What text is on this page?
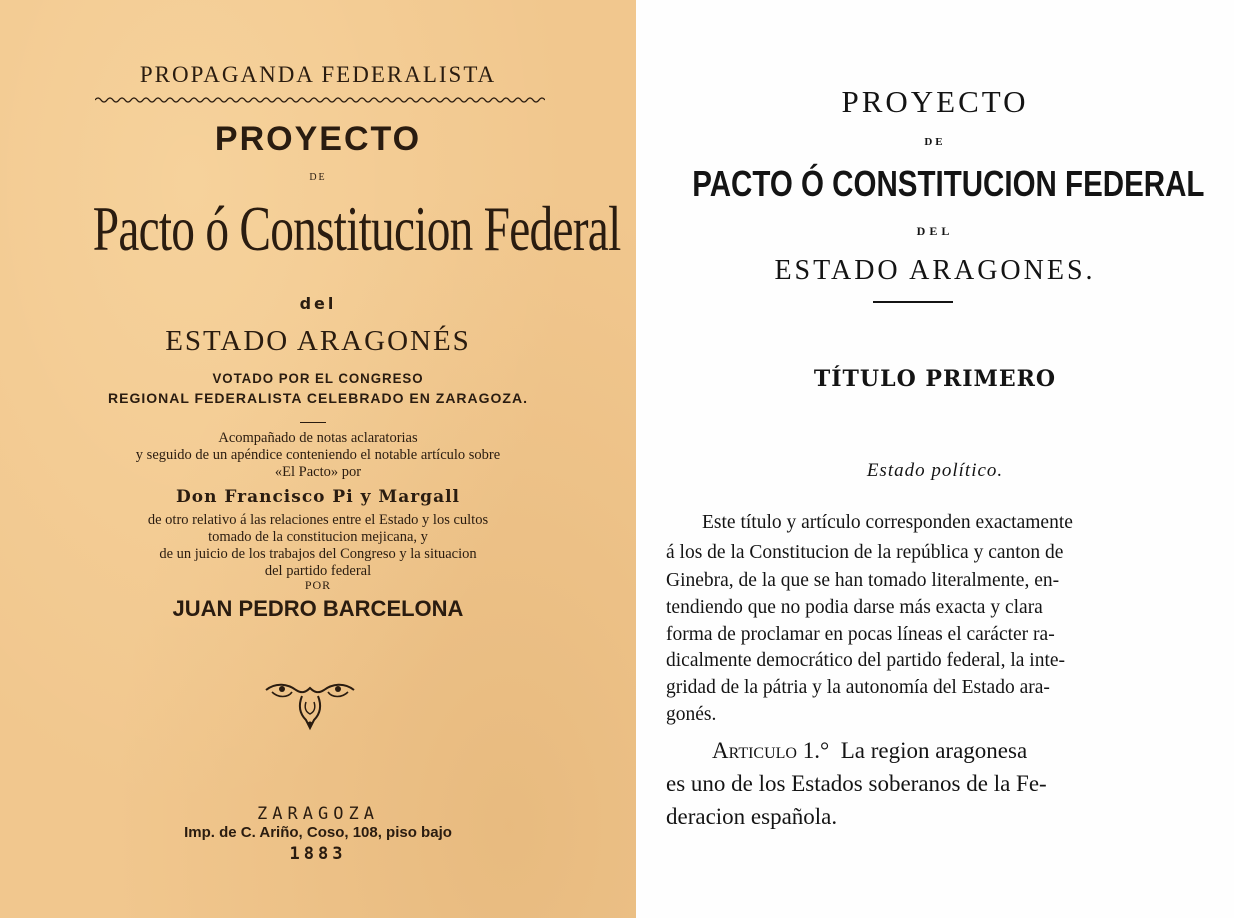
PROPAGANDA FEDERALISTA
PROYECTO
DE
Pacto ó Constitucion Federal
del
ESTADO ARAGONÉS
VOTADO POR EL CONGRESO
REGIONAL FEDERALISTA CELEBRADO EN ZARAGOZA.
Acompañado de notas aclaratorias
y seguido de un apéndice conteniendo el notable artículo sobre
«El Pacto» por
Don Francisco Pi y Margall
de otro relativo á las relaciones entre el Estado y los cultos
tomado de la constitucion mejicana, y
de un juicio de los trabajos del Congreso y la situacion
del partido federal
POR
JUAN PEDRO BARCELONA
ZARAGOZA
Imp. de C. Ariño, Coso, 108, piso bajo
1883
PROYECTO
DE
PACTO Ó CONSTITUCION FEDERAL
DEL
ESTADO ARAGONES.
TÍTULO PRIMERO
Estado político.
Este título y artículo corresponden exactamente
á los de la Constitucion de la república y canton de
Ginebra, de la que se han tomado literalmente, en-
tendiendo que no podia darse más exacta y clara
forma de proclamar en pocas líneas el carácter ra-
dicalmente democrático del partido federal, la inte-
gridad de la pátria y la autonomía del Estado ara-
gonés.
Articulo 1.° La region aragonesa
es uno de los Estados soberanos de la Fe-
deracion española.
